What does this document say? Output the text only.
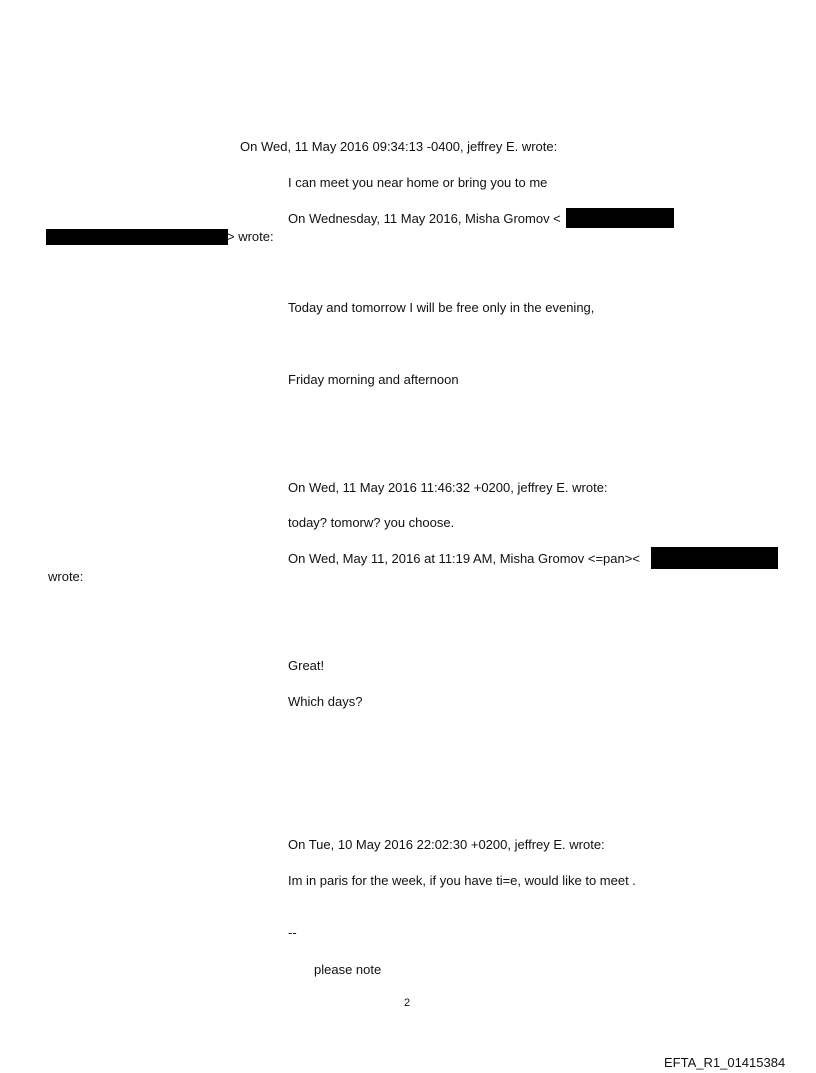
On Wed, 11 May 2016 09:34:13 -0400, jeffrey E. wrote:
I can meet you near home or bring you to me
On Wednesday, 11 May 2016, Misha Gromov <
> wrote:
Today and tomorrow I will be free only in the evening,
Friday morning and afternoon
On Wed, 11 May 2016 11:46:32 +0200, jeffrey E. wrote:
today? tomorw? you choose.
On Wed, May 11, 2016 at 11:19 AM, Misha Gromov <=pan><
wrote:
Great!
Which days?
On Tue, 10 May 2016 22:02:30 +0200, jeffrey E. wrote:
Im in paris for the week, if you have ti=e, would like to meet .
--
please note
2
EFTA_R1_01415384
